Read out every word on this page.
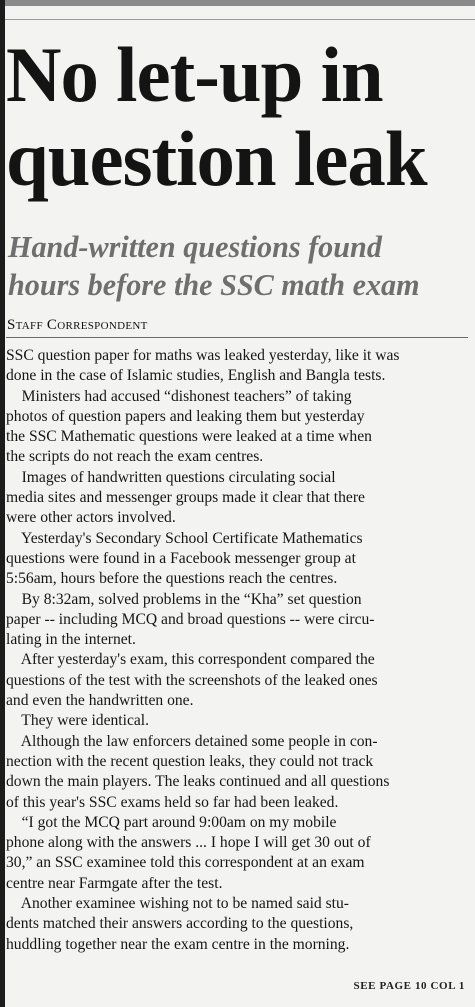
No let-up in
question leak
Hand-written questions found
hours before the SSC math exam
Staff Correspondent
SSC question paper for maths was leaked yesterday, like it was
done in the case of Islamic studies, English and Bangla tests.
Ministers had accused “dishonest teachers” of taking
photos of question papers and leaking them but yesterday
the SSC Mathematic questions were leaked at a time when
the scripts do not reach the exam centres.
Images of handwritten questions circulating social
media sites and messenger groups made it clear that there
were other actors involved.
Yesterday's Secondary School Certificate Mathematics
questions were found in a Facebook messenger group at
5:56am, hours before the questions reach the centres.
By 8:32am, solved problems in the “Kha” set question
paper -- including MCQ and broad questions -- were circu-
lating in the internet.
After yesterday's exam, this correspondent compared the
questions of the test with the screenshots of the leaked ones
and even the handwritten one.
They were identical.
Although the law enforcers detained some people in con-
nection with the recent question leaks, they could not track
down the main players. The leaks continued and all questions
of this year's SSC exams held so far had been leaked.
“I got the MCQ part around 9:00am on my mobile
phone along with the answers ... I hope I will get 30 out of
30,” an SSC examinee told this correspondent at an exam
centre near Farmgate after the test.
Another examinee wishing not to be named said stu-
dents matched their answers according to the questions,
huddling together near the exam centre in the morning.
SEE PAGE 10 COL 1
